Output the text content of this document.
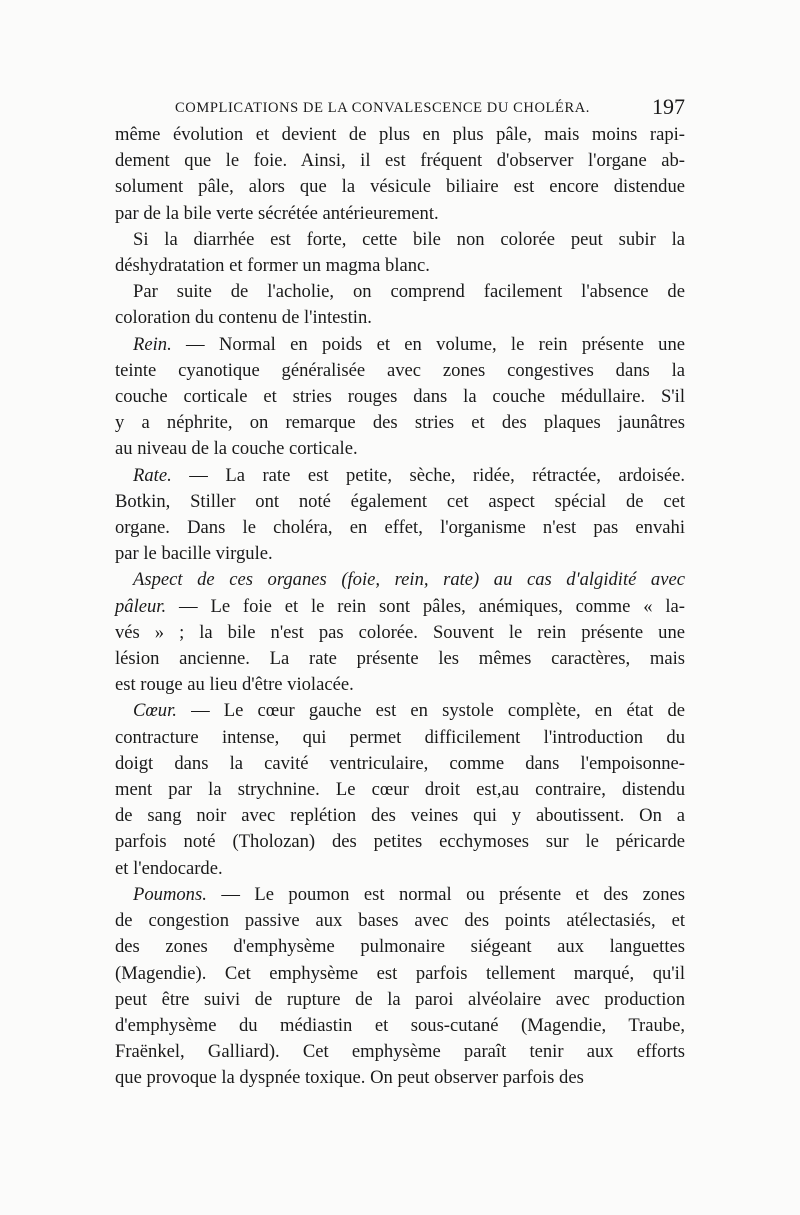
COMPLICATIONS DE LA CONVALESCENCE DU CHOLÉRA.	197

même évolution et devient de plus en plus pâle, mais moins rapi-
dement que le foie. Ainsi, il est fréquent d'observer l'organe ab-
solument pâle, alors que la vésicule biliaire est encore distendue
par de la bile verte sécrétée antérieurement.

Si la diarrhée est forte, cette bile non colorée peut subir la
déshydratation et former un magma blanc.

Par suite de l'acholie, on comprend facilement l'absence de
coloration du contenu de l'intestin.

Rein. — Normal en poids et en volume, le rein présente une
teinte cyanotique généralisée avec zones congestives dans la
couche corticale et stries rouges dans la couche médullaire. S'il
y a néphrite, on remarque des stries et des plaques jaunâtres
au niveau de la couche corticale.

Rate. — La rate est petite, sèche, ridée, rétractée, ardoisée.
Botkin, Stiller ont noté également cet aspect spécial de cet
organe. Dans le choléra, en effet, l'organisme n'est pas envahi
par le bacille virgule.

Aspect de ces organes (foie, rein, rate) au cas d'algidité avec
pâleur. — Le foie et le rein sont pâles, anémiques, comme « la-
vés » ; la bile n'est pas colorée. Souvent le rein présente une
lésion ancienne. La rate présente les mêmes caractères, mais
est rouge au lieu d'être violacée.

Cœur. — Le cœur gauche est en systole complète, en état de
contracture intense, qui permet difficilement l'introduction du
doigt dans la cavité ventriculaire, comme dans l'empoisonne-
ment par la strychnine. Le cœur droit est,au contraire, distendu
de sang noir avec replétion des veines qui y aboutissent. On a
parfois noté (Tholozan) des petites ecchymoses sur le péricarde
et l'endocarde.

Poumons. — Le poumon est normal ou présente et des zones
de congestion passive aux bases avec des points atélectasiés, et
des zones d'emphysème pulmonaire siégeant aux languettes
(Magendie). Cet emphysème est parfois tellement marqué, qu'il
peut être suivi de rupture de la paroi alvéolaire avec production
d'emphysème du médiastin et sous-cutané (Magendie, Traube,
Fraënkel, Galliard). Cet emphysème paraît tenir aux efforts
que provoque la dyspnée toxique. On peut observer parfois des
